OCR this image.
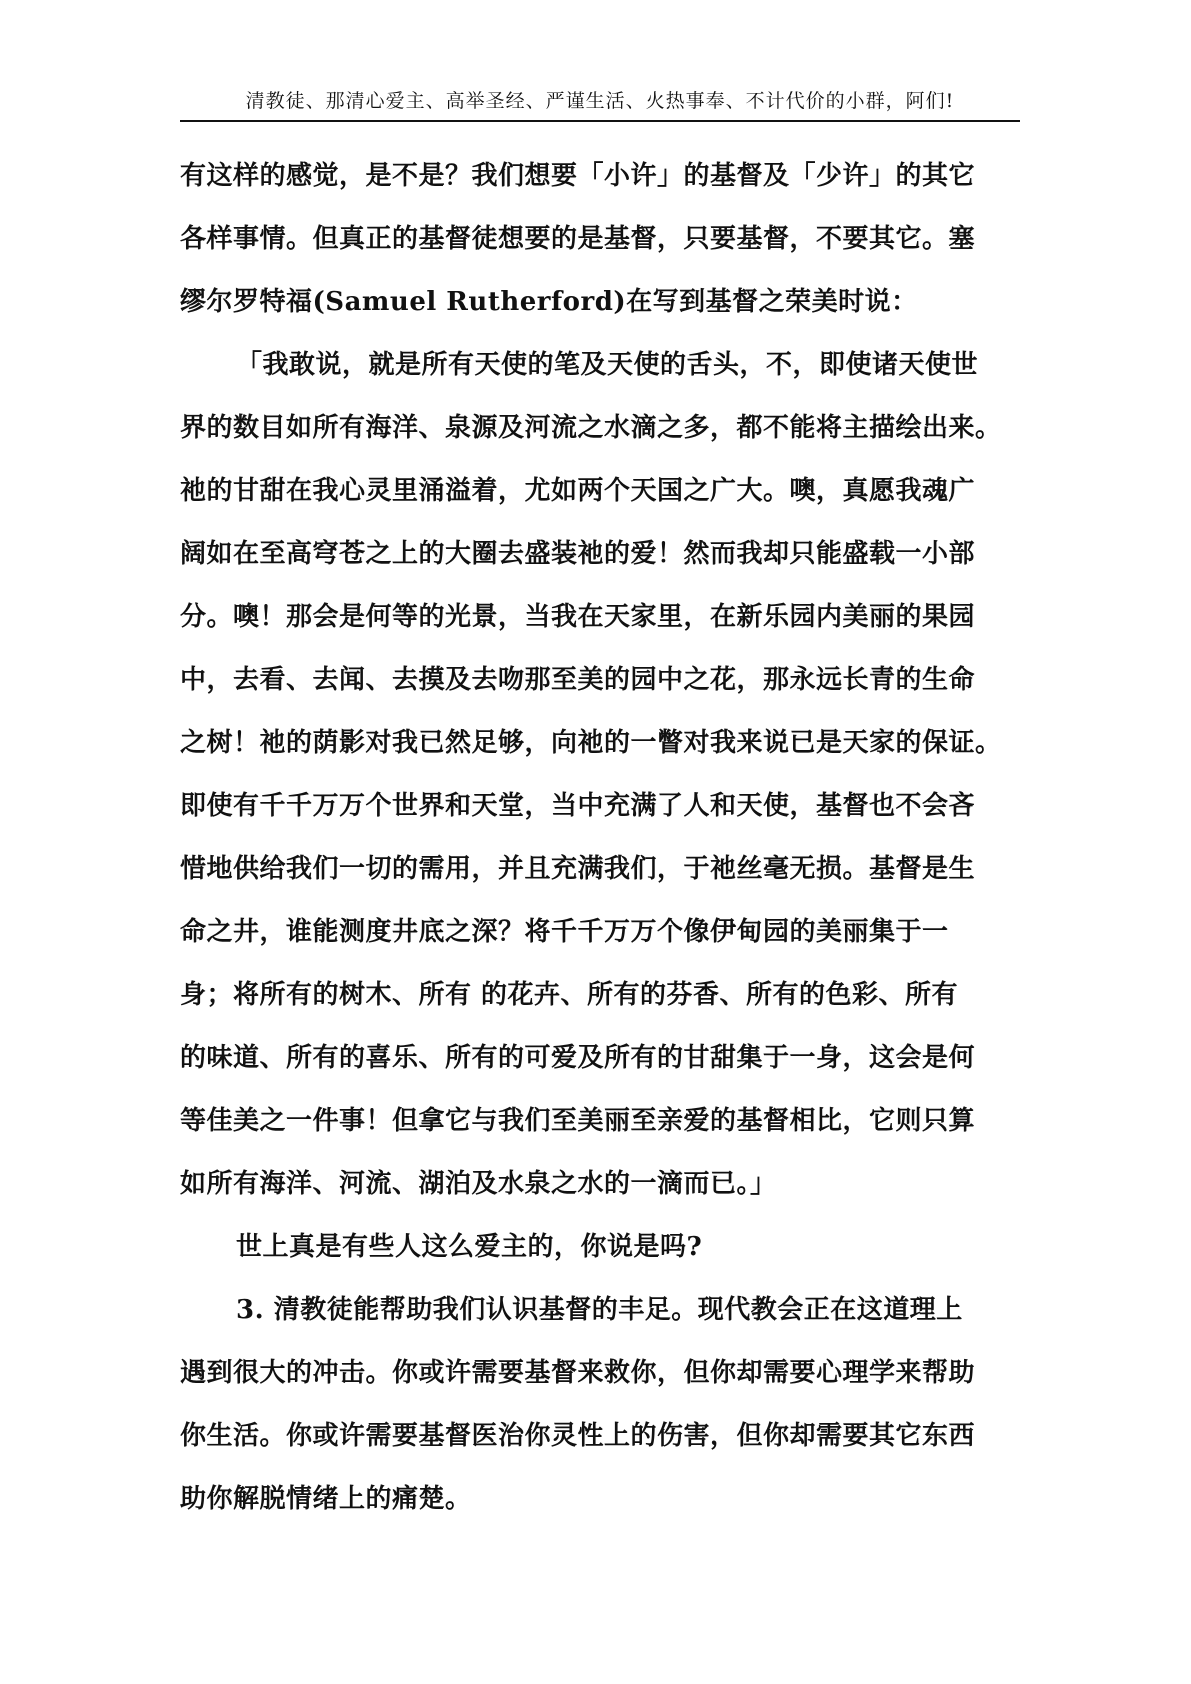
清教徒、那清心爱主、高举圣经、严谨生活、火热事奉、不计代价的小群，阿们!
有这样的感觉，是不是？我们想要「小许」的基督及「少许」的其它
各样事情。但真正的基督徒想要的是基督，只要基督，不要其它。塞
缪尔罗特福(Samuel Rutherford)在写到基督之荣美时说：
「我敢说，就是所有天使的笔及天使的舌头，不，即使诸天使世
界的数目如所有海洋、泉源及河流之水滴之多，都不能将主描绘出来。
祂的甘甜在我心灵里涌溢着，尤如两个天国之广大。噢，真愿我魂广
阔如在至高穹苍之上的大圈去盛装祂的爱！然而我却只能盛载一小部
分。噢！那会是何等的光景，当我在天家里，在新乐园内美丽的果园
中，去看、去闻、去摸及去吻那至美的园中之花，那永远长青的生命
之树！祂的荫影对我已然足够，向祂的一瞥对我来说已是天家的保证。
即使有千千万万个世界和天堂，当中充满了人和天使，基督也不会吝
惜地供给我们一切的需用，并且充满我们，于祂丝毫无损。基督是生
命之井，谁能测度井底之深？将千千万万个像伊甸园的美丽集于一
身；将所有的树木、所有 的花卉、所有的芬香、所有的色彩、所有
的味道、所有的喜乐、所有的可爱及所有的甘甜集于一身，这会是何
等佳美之一件事！但拿它与我们至美丽至亲爱的基督相比，它则只算
如所有海洋、河流、湖泊及水泉之水的一滴而已。」
世上真是有些人这么爱主的，你说是吗?
3. 清教徒能帮助我们认识基督的丰足。现代教会正在这道理上
遇到很大的冲击。你或许需要基督来救你，但你却需要心理学来帮助
你生活。你或许需要基督医治你灵性上的伤害，但你却需要其它东西
助你解脱情绪上的痛楚。
